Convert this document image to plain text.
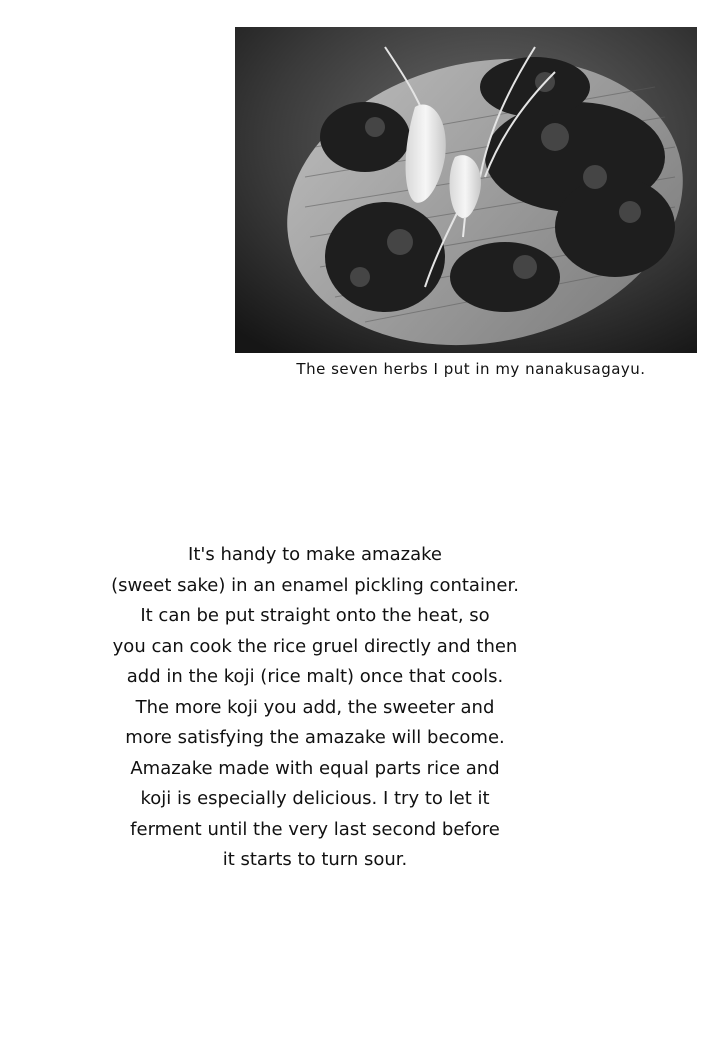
The seven herbs I put in my nanakusagayu.
It's handy to make amazake
(sweet sake) in an enamel pickling container.
It can be put straight onto the heat, so
you can cook the rice gruel directly and then
add in the koji (rice malt) once that cools.
The more koji you add, the sweeter and
more satisfying the amazake will become.
Amazake made with equal parts rice and
koji is especially delicious. I try to let it
ferment until the very last second before
it starts to turn sour.
